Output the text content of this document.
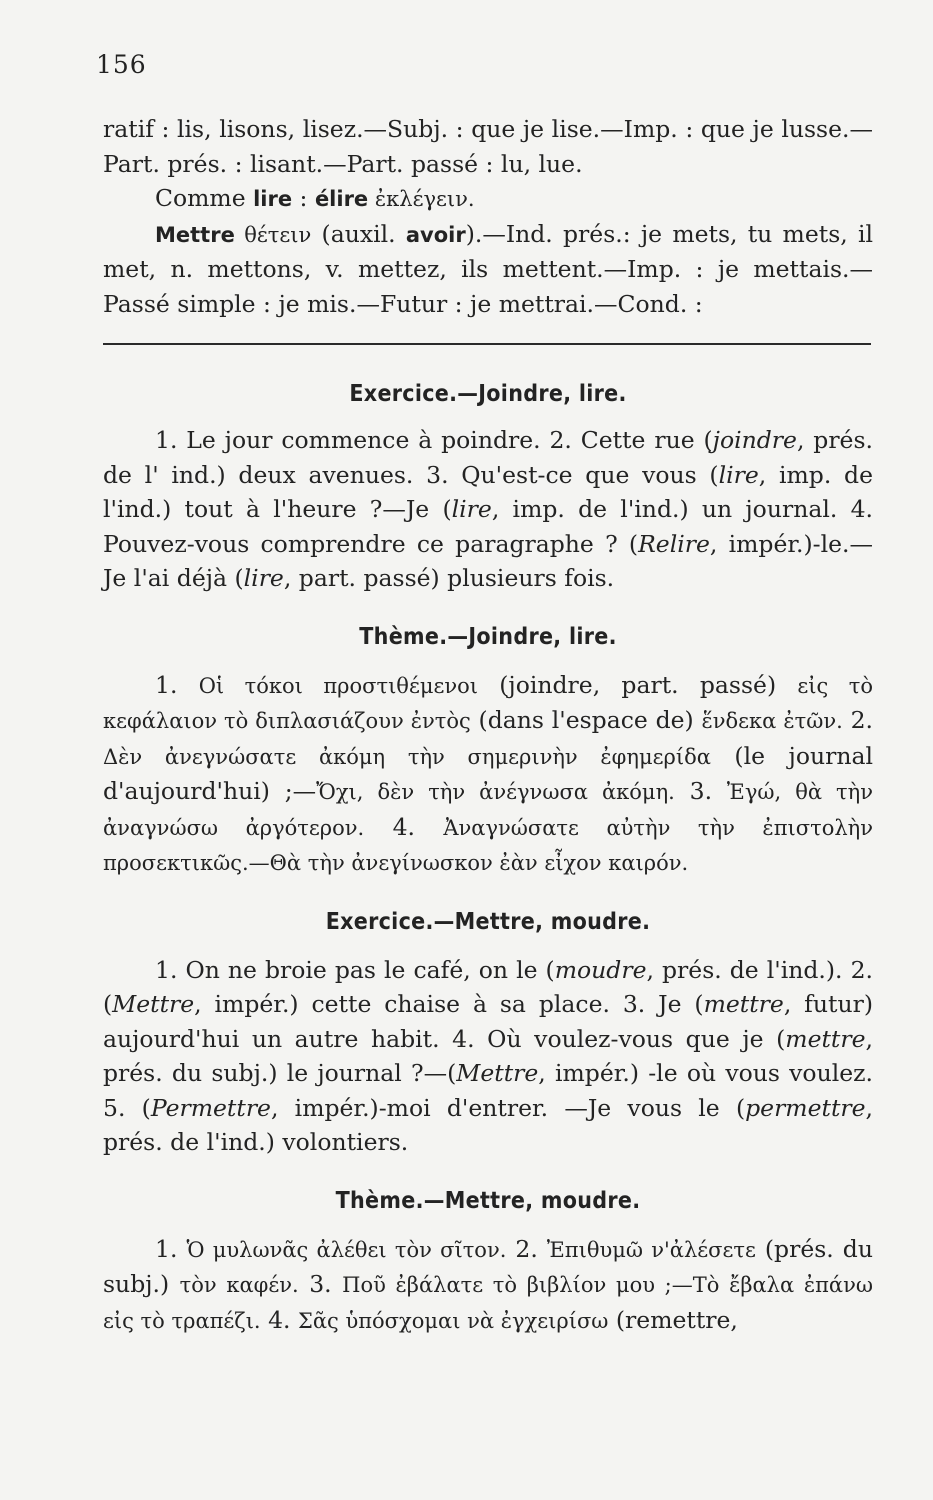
156

ratif : lis, lisons, lisez.—Subj. : que je lise.—Imp. : que je lusse.—Part. prés. : lisant.—Part. passé : lu, lue.

Comme lire : élire ἐκλέγειν.

Mettre θέτειν (auxil. avoir).—Ind. prés.: je mets, tu mets, il met, n. mettons, v. mettez, ils mettent.—Imp. : je mettais.—Passé simple : je mis.—Futur : je mettrai.—Cond. :

Exercice.—Joindre, lire.

1. Le jour commence à poindre. 2. Cette rue (joindre, prés. de l' ind.) deux avenues. 3. Qu'est-ce que vous (lire, imp. de l'ind.) tout à l'heure ?—Je (lire, imp. de l'ind.) un journal. 4. Pouvez-vous comprendre ce paragraphe ? (Relire, impér.)-le.—Je l'ai déjà (lire, part. passé) plusieurs fois.

Thème.—Joindre, lire.

1. Οἱ τόκοι προστιθέμενοι (joindre, part. passé) εἰς τὸ κεφάλαιον τὸ διπλασιάζουν ἐντὸς (dans l'espace de) ἕνδεκα ἐτῶν. 2. Δὲν ἀνεγνώσατε ἀκόμη τὴν σημερινὴν ἐφημερίδα (le journal d'aujourd'hui) ;—Ὄχι, δὲν τὴν ἀνέγνωσα ἀκόμη. 3. Ἐγώ, θὰ τὴν ἀναγνώσω ἀργότερον. 4. Ἀναγνώσατε αὐτὴν τὴν ἐπιστολὴν προσεκτικῶς.—Θὰ τὴν ἀνεγίνωσκον ἐὰν εἶχον καιρόν.

Exercice.—Mettre, moudre.

1. On ne broie pas le café, on le (moudre, prés. de l'ind.). 2. (Mettre, impér.) cette chaise à sa place. 3. Je (mettre, futur) aujourd'hui un autre habit. 4. Où voulez-vous que je (mettre, prés. du subj.) le journal ?—(Mettre, impér.) -le où vous voulez. 5. (Permettre, impér.)-moi d'entrer. —Je vous le (permettre, prés. de l'ind.) volontiers.

Thème.—Mettre, moudre.

1. Ὁ μυλωνᾶς ἀλέθει τὸν σῖτον. 2. Ἐπιθυμῶ ν'ἀλέσετε (prés. du subj.) τὸν καφέν. 3. Ποῦ ἐβάλατε τὸ βιβλίον μου ;—Τὸ ἔβαλα ἐπάνω εἰς τὸ τραπέζι. 4. Σᾶς ὑπόσχομαι νὰ ἐγχειρίσω (remettre,
